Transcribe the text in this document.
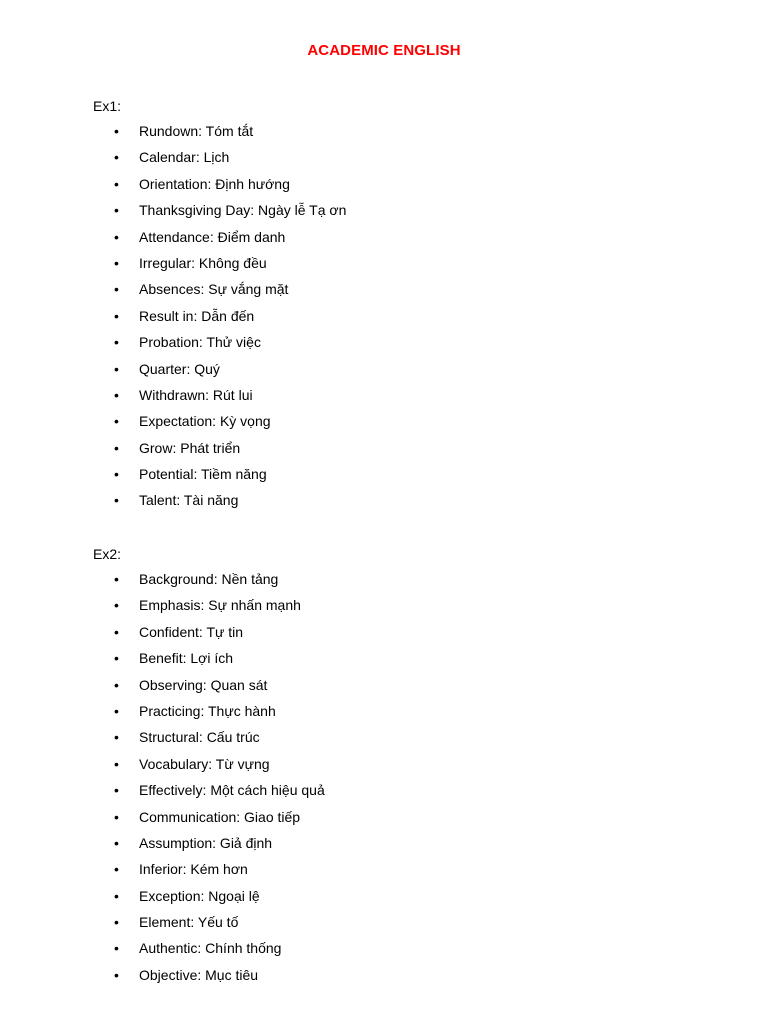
ACADEMIC ENGLISH
Ex1:
• Rundown: Tóm tắt
• Calendar: Lịch
• Orientation: Định hướng
• Thanksgiving Day: Ngày lễ Tạ ơn
• Attendance: Điểm danh
• Irregular: Không đều
• Absences: Sự vắng mặt
• Result in: Dẫn đến
• Probation: Thử việc
• Quarter: Quý
• Withdrawn: Rút lui
• Expectation: Kỳ vọng
• Grow: Phát triển
• Potential: Tiềm năng
• Talent: Tài năng
Ex2:
• Background: Nền tảng
• Emphasis: Sự nhấn mạnh
• Confident: Tự tin
• Benefit: Lợi ích
• Observing: Quan sát
• Practicing: Thực hành
• Structural: Cấu trúc
• Vocabulary: Từ vựng
• Effectively: Một cách hiệu quả
• Communication: Giao tiếp
• Assumption: Giả định
• Inferior: Kém hơn
• Exception: Ngoại lệ
• Element: Yếu tố
• Authentic: Chính thống
• Objective: Mục tiêu
